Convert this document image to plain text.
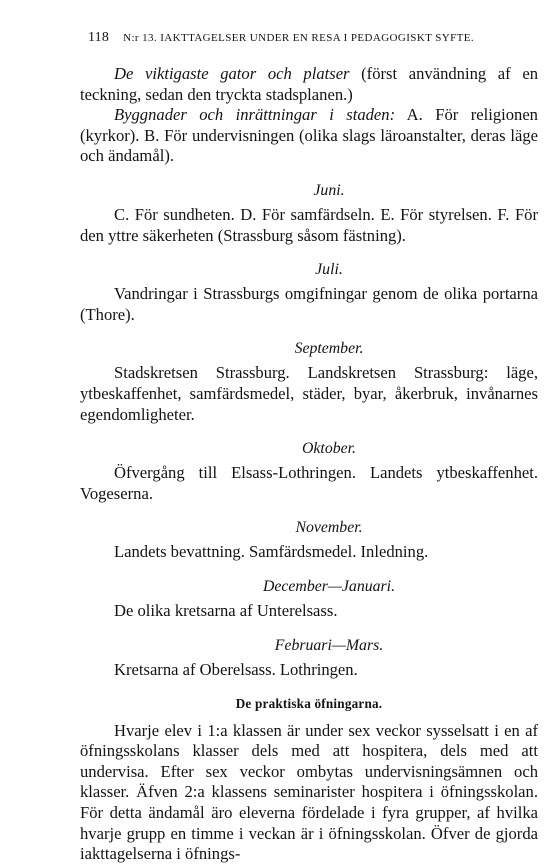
118 N:r 13. IAKTTAGELSER UNDER EN RESA I PEDAGOGISKT SYFTE.

De viktigaste gator och platser (först användning af en teckning, sedan den tryckta stadsplanen.)

Byggnader och inrättningar i staden: A. För religionen (kyrkor). B. För undervisningen (olika slags läroanstalter, deras läge och ändamål).

Juni.

C. För sundheten. D. För samfärdseln. E. För styrelsen. F. För den yttre säkerheten (Strassburg såsom fästning).

Juli.

Vandringar i Strassburgs omgifningar genom de olika portarna (Thore).

September.

Stadskretsen Strassburg. Landskretsen Strassburg: läge, ytbeskaffenhet, samfärdsmedel, städer, byar, åkerbruk, invånarnes egendomligheter.

Oktober.

Öfvergång till Elsass-Lothringen. Landets ytbeskaffenhet. Vogeserna.

November.

Landets bevattning. Samfärdsmedel. Inledning.

December—Januari.

De olika kretsarna af Unterelsass.

Februari—Mars.

Kretsarna af Oberelsass. Lothringen.

De praktiska öfningarna.

Hvarje elev i 1:a klassen är under sex veckor sysselsatt i en af öfningsskolans klasser dels med att hospitera, dels med att undervisa. Efter sex veckor ombytas undervisningsämnen och klasser. Äfven 2:a klassens seminarister hospitera i öfningsskolan. För detta ändamål äro eleverna fördelade i fyra grupper, af hvilka hvarje grupp en timme i veckan är i öfningsskolan. Öfver de gjorda iakttagelserna i öfnings-
